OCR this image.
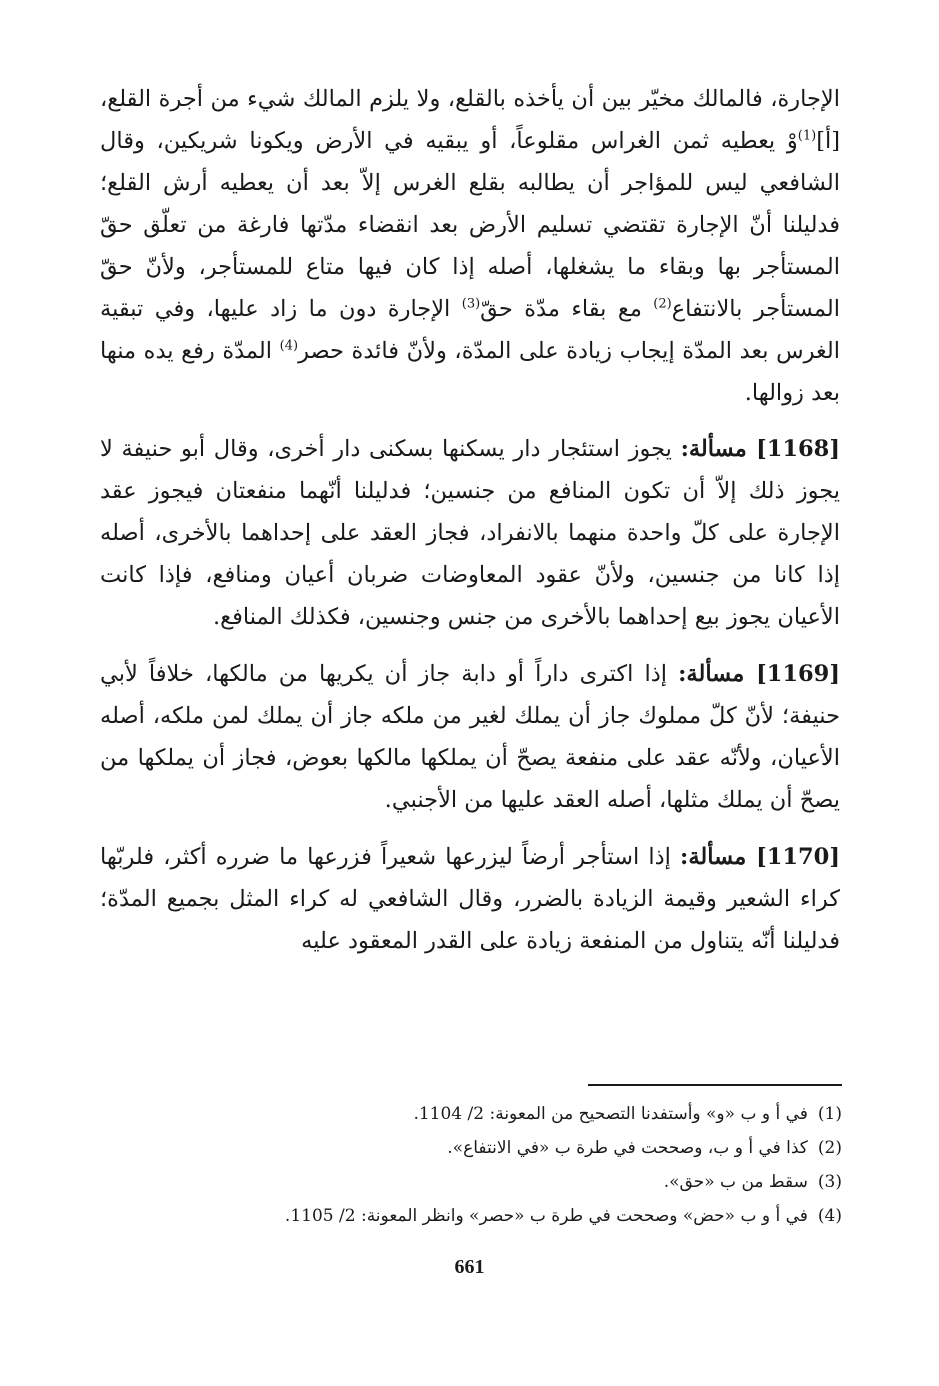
الإجارة، فالمالك مخيّر بين أن يأخذه بالقلع، ولا يلزم المالك شيء من أجرة القلع، [أ]$^{(1)}$وْ يعطيه ثمن الغراس مقلوعاً، أو يبقيه في الأرض ويكونا شريكين، وقال الشافعي ليس للمؤاجر أن يطالبه بقلع الغرس إلاّ بعد أن يعطيه أرش القلع؛ فدليلنا أنّ الإجارة تقتضي تسليم الأرض بعد انقضاء مدّتها فارغة من تعلّق حقّ المستأجر بها وبقاء ما يشغلها، أصله إذا كان فيها متاع للمستأجر، ولأنّ حقّ المستأجر بالانتفاع$^{(2)}$ مع بقاء مدّة حقّ$^{(3)}$ الإجارة دون ما زاد عليها، وفي تبقية الغرس بعد المدّة إيجاب زيادة على المدّة، ولأنّ فائدة حصر$^{(4)}$ المدّة رفع يده منها بعد زوالها.

[1168] مسألة: يجوز استئجار دار يسكنها بسكنى دار أخرى، وقال أبو حنيفة لا يجوز ذلك إلاّ أن تكون المنافع من جنسين؛ فدليلنا أنّهما منفعتان فيجوز عقد الإجارة على كلّ واحدة منهما بالانفراد، فجاز العقد على إحداهما بالأخرى، أصله إذا كانا من جنسين، ولأنّ عقود المعاوضات ضربان أعيان ومنافع، فإذا كانت الأعيان يجوز بيع إحداهما بالأخرى من جنس وجنسين، فكذلك المنافع.

[1169] مسألة: إذا اكترى داراً أو دابة جاز أن يكريها من مالكها، خلافاً لأبي حنيفة؛ لأنّ كلّ مملوك جاز أن يملك لغير من ملكه جاز أن يملك لمن ملكه، أصله الأعيان، ولأنّه عقد على منفعة يصحّ أن يملكها مالكها بعوض، فجاز أن يملكها من يصحّ أن يملك مثلها، أصله العقد عليها من الأجنبي.

[1170] مسألة: إذا استأجر أرضاً ليزرعها شعيراً فزرعها ما ضرره أكثر، فلربّها كراء الشعير وقيمة الزيادة بالضرر، وقال الشافعي له كراء المثل بجميع المدّة؛ فدليلنا أنّه يتناول من المنفعة زيادة على القدر المعقود عليه

(1)في أ و ب «و» وأستفدنا التصحيح من المعونة: 2/ 1104.
(2)كذا في أ و ب، وصححت في طرة ب «في الانتفاع».
(3)سقط من ب «حق».
(4)في أ و ب «حض» وصححت في طرة ب «حصر» وانظر المعونة: 2/ 1105.
661
